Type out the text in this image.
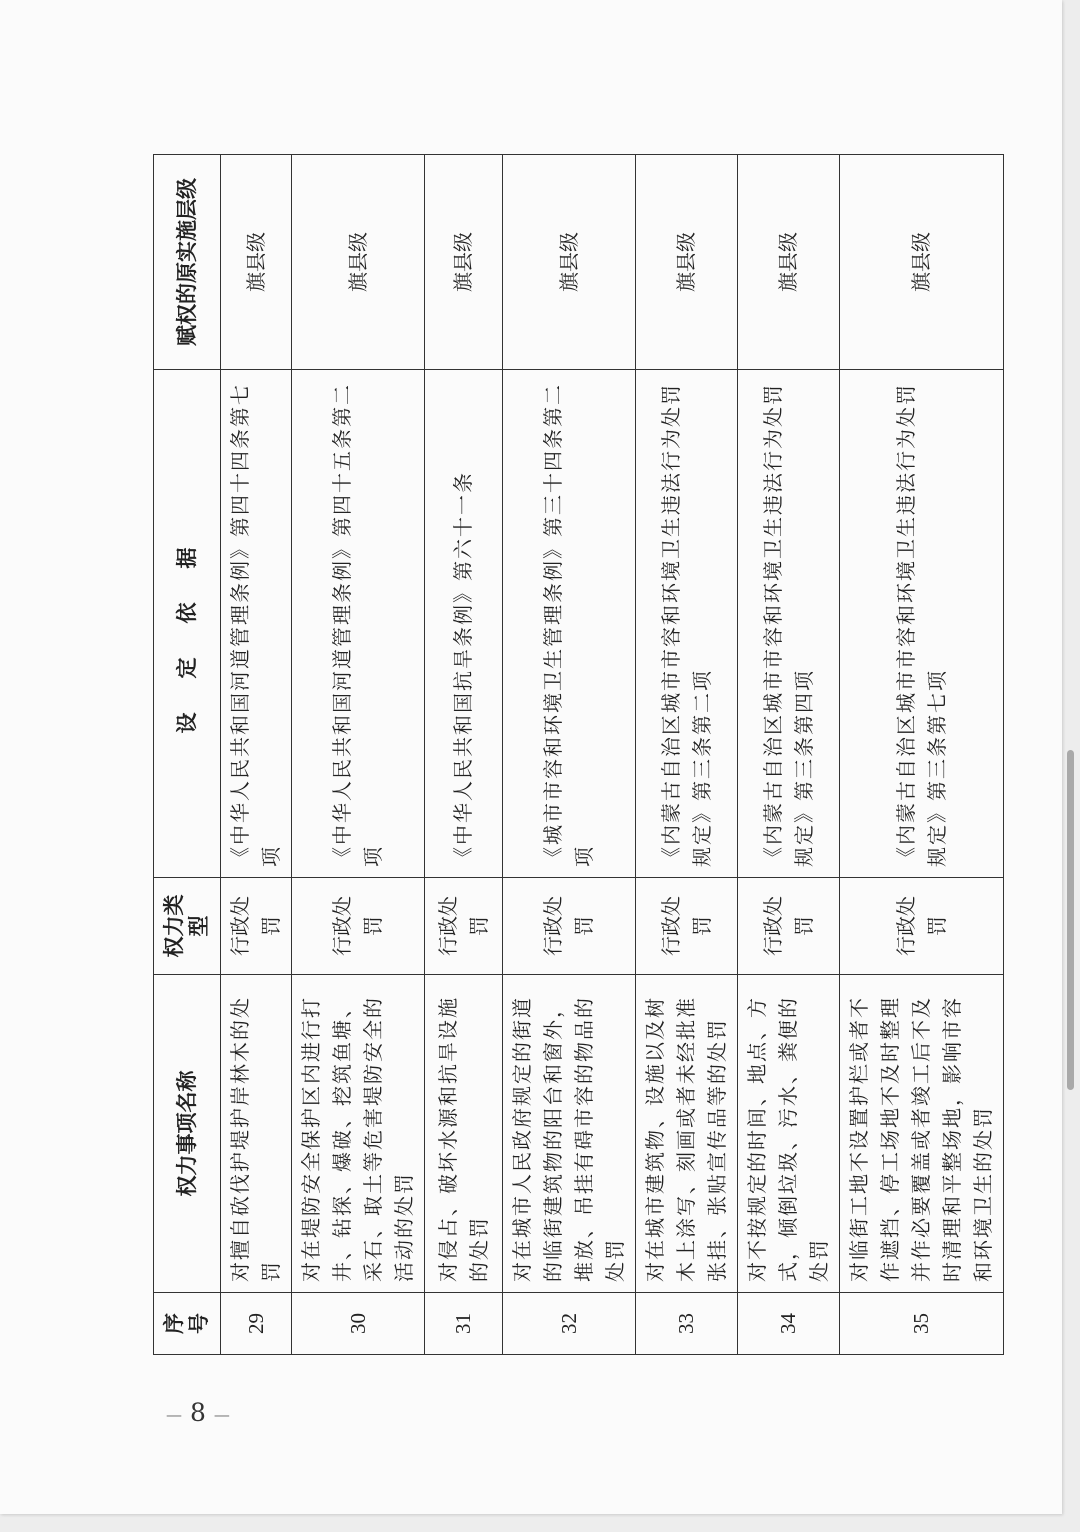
序号	权力事项名称	权力类型	设定依据	赋权的原实施层级
29	对擅自砍伐护堤护岸林木的处罚	行政处罚	《中华人民共和国河道管理条例》第四十四条第七项	旗县级
30	对在堤防安全保护区内进行打井、钻探、爆破、挖筑鱼塘、采石、取土等危害堤防安全的活动的处罚	行政处罚	《中华人民共和国河道管理条例》第四十五条第二项	旗县级
31	对侵占、破坏水源和抗旱设施的处罚	行政处罚	《中华人民共和国抗旱条例》第六十一条	旗县级
32	对在城市人民政府规定的街道的临街建筑物的阳台和窗外，堆放、吊挂有碍市容的物品的处罚	行政处罚	《城市市容和环境卫生管理条例》第三十四条第二项	旗县级
33	对在城市建筑物、设施以及树木上涂写、刻画或者未经批准张挂、张贴宣传品等的处罚	行政处罚	《内蒙古自治区城市市容和环境卫生违法行为处罚规定》第三条第二项	旗县级
34	对不按规定的时间、地点、方式，倾倒垃圾、污水、粪便的处罚	行政处罚	《内蒙古自治区城市市容和环境卫生违法行为处罚规定》第三条第四项	旗县级
35	对临街工地不设置护栏或者不作遮挡、停工场地不及时整理并作必要覆盖或者竣工后不及时清理和平整场地，影响市容和环境卫生的处罚	行政处罚	《内蒙古自治区城市市容和环境卫生违法行为处罚规定》第三条第七项	旗县级
— 8 —
